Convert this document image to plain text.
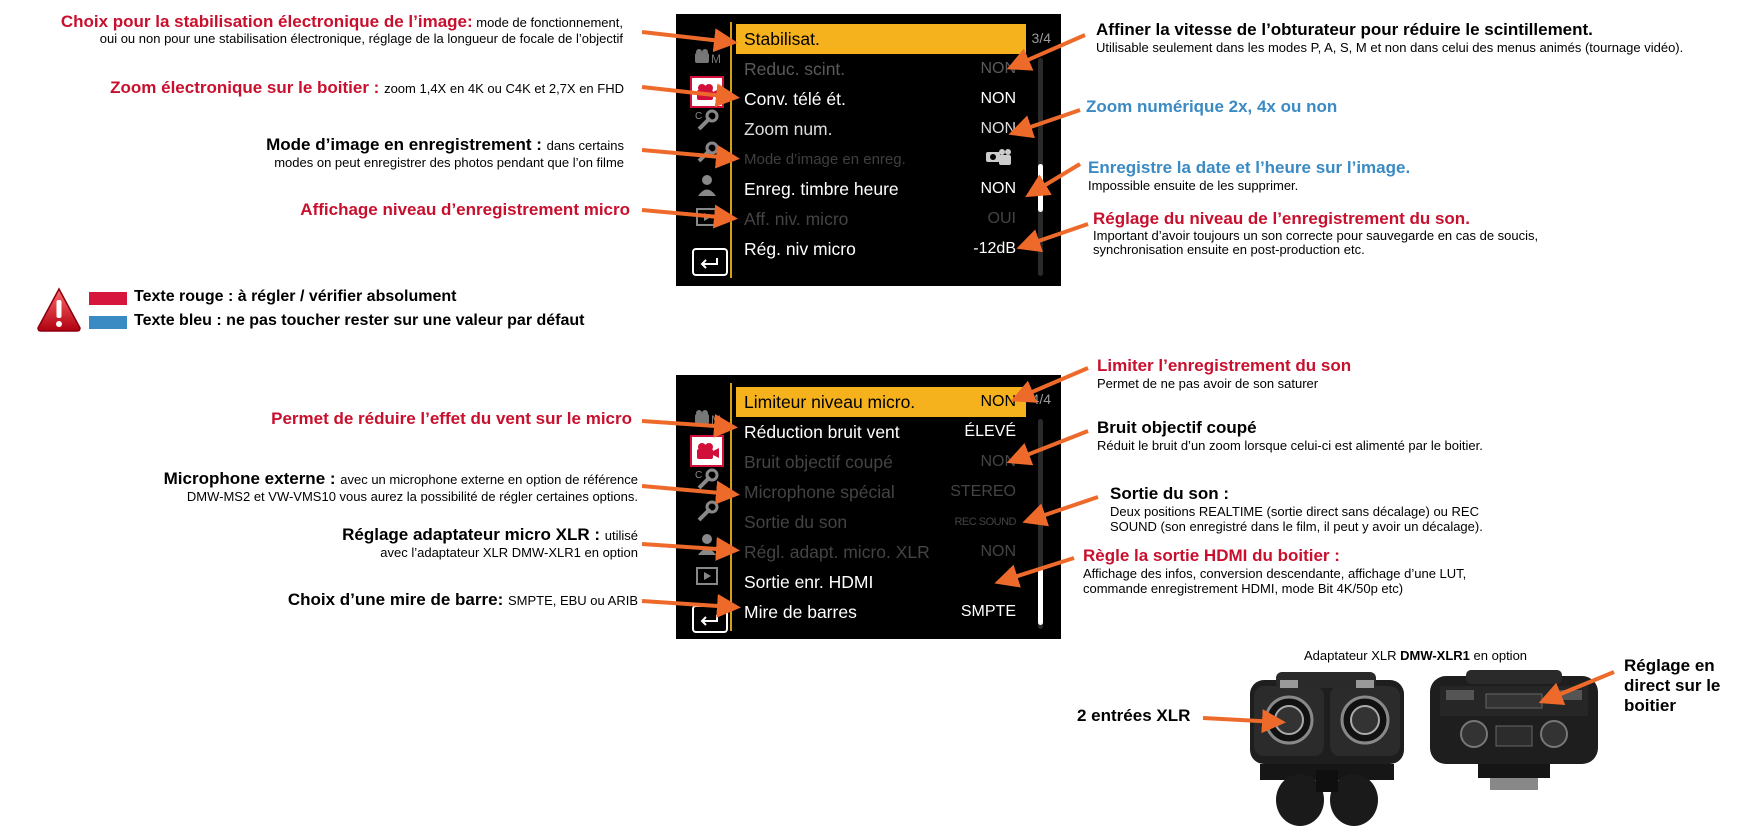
Choix pour la stabilisation électronique de l’image: mode de fonctionnement,
oui ou non pour une stabilisation électronique, réglage de la longueur de focale de l’objectif
Zoom électronique sur le boitier : zoom 1,4X en 4K ou C4K et 2,7X en FHD
Mode d’image en enregistrement : dans certains
modes on peut enregistrer des photos pendant que l’on filme
Affichage niveau d’enregistrement micro
Texte rouge : à régler / vérifier absolument
Texte bleu : ne pas toucher rester sur une valeur par défaut
Permet de réduire l’effet du vent sur le micro
Microphone externe : avec un microphone externe en option de référence
DMW-MS2 et VW-VMS10 vous aurez la possibilité de régler certaines options.
Réglage adaptateur micro XLR : utilisé
avec l’adaptateur XLR DMW-XLR1 en option
Choix d’une mire de barre: SMPTE, EBU ou ARIB
M
C
Stabilisat.
Reduc. scint.	NON
Conv. télé ét.	NON
Zoom num.	NON
Mode d’image en enreg.
Enreg. timbre heure	NON
Aff. niv. micro	OUI
Rég. niv micro	-12dB
3/4
M
C
Limiteur niveau micro.	NON
Réduction bruit vent	ÉLEVÉ
Bruit objectif coupé	NON
Microphone spécial	STEREO
Sortie du son	REC SOUND
Régl. adapt. micro. XLR	NON
Sortie enr. HDMI
Mire de barres	SMPTE
4/4
Affiner la vitesse de l’obturateur pour réduire le scintillement.
Utilisable seulement dans les modes P, A, S, M et non dans celui des menus animés (tournage vidéo).
Zoom numérique 2x, 4x ou non
Enregistre la date et l’heure sur l’image.
Impossible ensuite de les supprimer.
Réglage du niveau de l’enregistrement du son.
Important d’avoir toujours un son correcte pour sauvegarde en cas de soucis,
synchronisation ensuite en post-production etc.
Limiter l’enregistrement du son
Permet de ne pas avoir de son saturer
Bruit objectif coupé
Réduit le bruit d’un zoom lorsque celui-ci est alimenté par le boitier.
Sortie du son :
Deux positions REALTIME (sortie direct sans décalage) ou REC
SOUND (son enregistré dans le film, il peut y avoir un décalage).
Règle la sortie HDMI du boitier :
Affichage des infos, conversion descendante, affichage d’une LUT,
commande enregistrement HDMI, mode Bit 4K/50p etc)
Adaptateur XLR DMW-XLR1 en option
2 entrées XLR
Réglage en
direct sur le
boitier
